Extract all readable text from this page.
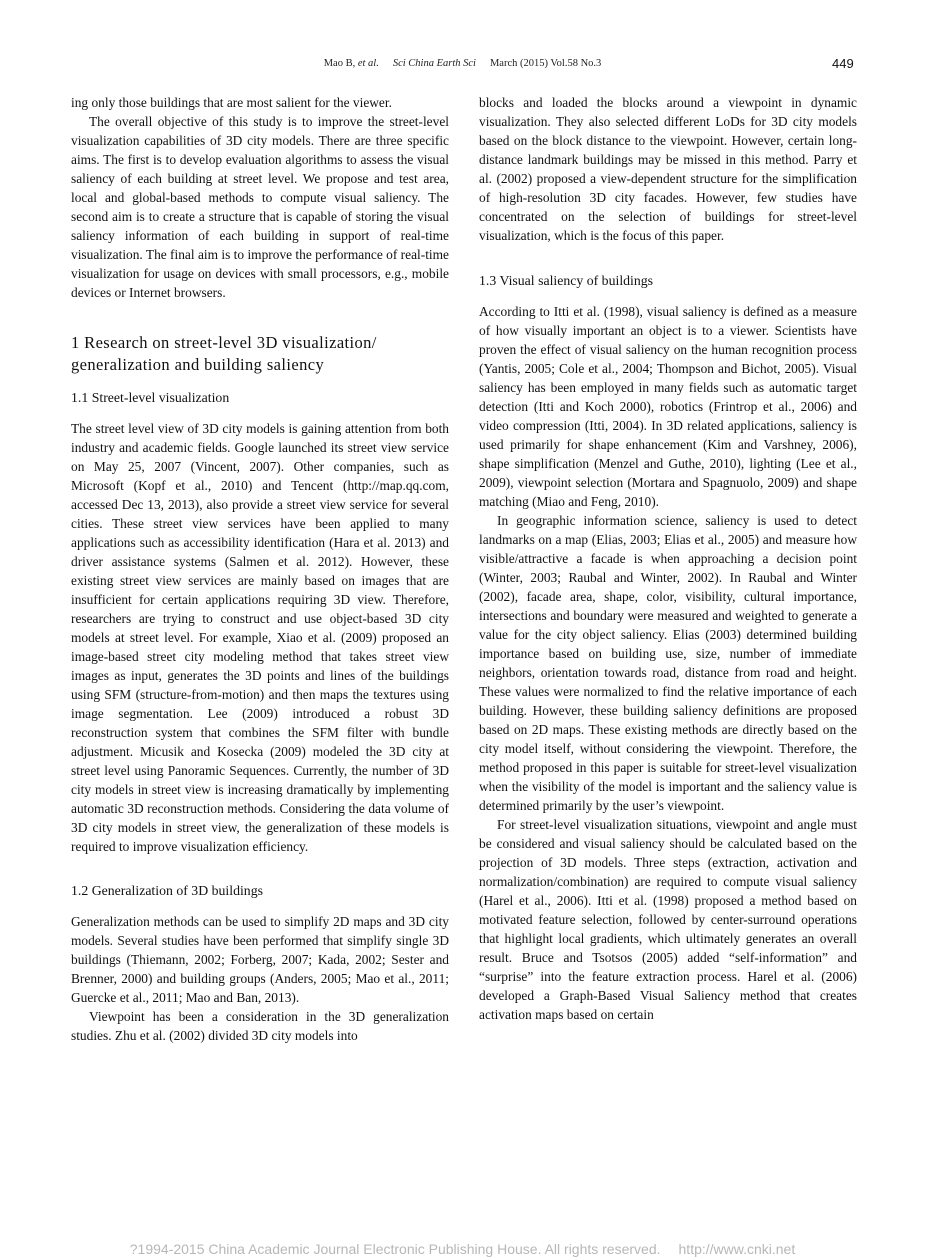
Mao B, et al. Sci China Earth Sci March (2015) Vol.58 No.3	449

ing only those buildings that are most salient for the viewer.

The overall objective of this study is to improve the street-level visualization capabilities of 3D city models. There are three specific aims. The first is to develop evaluation algorithms to assess the visual saliency of each building at street level. We propose and test area, local and global-based methods to compute visual saliency. The second aim is to create a structure that is capable of storing the visual saliency information of each building in support of real-time visualization. The final aim is to improve the performance of real-time visualization for usage on devices with small processors, e.g., mobile devices or Internet browsers.

1 Research on street-level 3D visualization/ generalization and building saliency
1.1 Street-level visualization

The street level view of 3D city models is gaining attention from both industry and academic fields. Google launched its street view service on May 25, 2007 (Vincent, 2007). Other companies, such as Microsoft (Kopf et al., 2010) and Tencent (http://map.qq.com, accessed Dec 13, 2013), also provide a street view service for several cities. These street view services have been applied to many applications such as accessibility identification (Hara et al. 2013) and driver assistance systems (Salmen et al. 2012). However, these existing street view services are mainly based on images that are insufficient for certain applications requiring 3D view. Therefore, researchers are trying to construct and use object-based 3D city models at street level. For example, Xiao et al. (2009) proposed an image-based street city modeling method that takes street view images as input, generates the 3D points and lines of the buildings using SFM (structure-from-motion) and then maps the textures using image segmentation. Lee (2009) introduced a robust 3D reconstruction system that combines the SFM filter with bundle adjustment. Micusik and Kosecka (2009) modeled the 3D city at street level using Panoramic Sequences. Currently, the number of 3D city models in street view is increasing dramatically by implementing automatic 3D reconstruction methods. Considering the data volume of 3D city models in street view, the generalization of these models is required to improve visualization efficiency.

1.2 Generalization of 3D buildings

Generalization methods can be used to simplify 2D maps and 3D city models. Several studies have been performed that simplify single 3D buildings (Thiemann, 2002; Forberg, 2007; Kada, 2002; Sester and Brenner, 2000) and building groups (Anders, 2005; Mao et al., 2011; Guercke et al., 2011; Mao and Ban, 2013).

Viewpoint has been a consideration in the 3D generalization studies. Zhu et al. (2002) divided 3D city models into

blocks and loaded the blocks around a viewpoint in dynamic visualization. They also selected different LoDs for 3D city models based on the block distance to the viewpoint. However, certain long-distance landmark buildings may be missed in this method. Parry et al. (2002) proposed a view-dependent structure for the simplification of high-resolution 3D city facades. However, few studies have concentrated on the selection of buildings for street-level visualization, which is the focus of this paper.

1.3 Visual saliency of buildings

According to Itti et al. (1998), visual saliency is defined as a measure of how visually important an object is to a viewer. Scientists have proven the effect of visual saliency on the human recognition process (Yantis, 2005; Cole et al., 2004; Thompson and Bichot, 2005). Visual saliency has been employed in many fields such as automatic target detection (Itti and Koch 2000), robotics (Frintrop et al., 2006) and video compression (Itti, 2004). In 3D related applications, saliency is used primarily for shape enhancement (Kim and Varshney, 2006), shape simplification (Menzel and Guthe, 2010), lighting (Lee et al., 2009), viewpoint selection (Mortara and Spagnuolo, 2009) and shape matching (Miao and Feng, 2010).

In geographic information science, saliency is used to detect landmarks on a map (Elias, 2003; Elias et al., 2005) and measure how visible/attractive a facade is when approaching a decision point (Winter, 2003; Raubal and Winter, 2002). In Raubal and Winter (2002), facade area, shape, color, visibility, cultural importance, intersections and boundary were measured and weighted to generate a value for the city object saliency. Elias (2003) determined building importance based on building use, size, number of immediate neighbors, orientation towards road, distance from road and height. These values were normalized to find the relative importance of each building. However, these building saliency definitions are proposed based on 2D maps. These existing methods are directly based on the city model itself, without considering the viewpoint. Therefore, the method proposed in this paper is suitable for street-level visualization when the visibility of the model is important and the saliency value is determined primarily by the user’s viewpoint.

For street-level visualization situations, viewpoint and angle must be considered and visual saliency should be calculated based on the projection of 3D models. Three steps (extraction, activation and normalization/combination) are required to compute visual saliency (Harel et al., 2006). Itti et al. (1998) proposed a method based on motivated feature selection, followed by center-surround operations that highlight local gradients, which ultimately generates an overall result. Bruce and Tsotsos (2005) added “self-information” and “surprise” into the feature extraction process. Harel et al. (2006) developed a Graph-Based Visual Saliency method that creates activation maps based on certain

?1994-2015 China Academic Journal Electronic Publishing House. All rights reserved. http://www.cnki.net
